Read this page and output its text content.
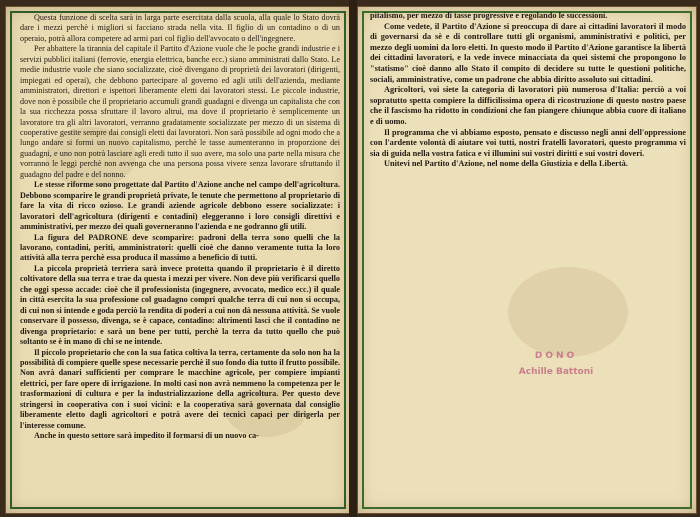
Questa funzione di scelta sarà in larga parte esercitata dalla scuola, alla quale lo Stato dovrà dare i mezzi perchè i migliori si facciano strada nella vita. Il figlio di un contadino o di un operaio, potrà allora competere ad armi pari col figlio dell'avvocato o dell'ingegnere.

Per abbattere la tirannia del capitale il Partito d'Azione vuole che le poche grandi industrie e i servizi pubblici italiani (ferrovie, energia elettrica, banche ecc.) siano amministrati dallo Stato. Le medie industrie vuole che siano socializzate, cioè divengano di proprietà dei lavoratori (dirigenti, impiegati ed operai), che debbono partecipare al governo ed agli utili dell'azienda, mediante amministratori, direttori e ispettori liberamente eletti dai lavoratori stessi. Le piccole industrie, dove non è possibile che il proprietario accumuli grandi guadagni e divenga un capitalista che con la sua ricchezza possa sfruttare il lavoro altrui, ma dove il proprietario è semplicemente un lavoratore tra gli altri lavoratori, verranno gradatamente socializzate per mezzo di un sistema di cooperative gestite sempre dai consigli eletti dai lavoratori. Non sarà possibile ad ogni modo che a lungo andare si formi un nuovo capitalismo, perchè le tasse aumenteranno in proporzione dei guadagni, e uno non potrà lasciare agli eredi tutto il suo avere, ma solo una parte nella misura che vorranno le leggi perchè non avvenga che una persona possa vivere senza lavorare sfruttando il guadagno del padre e del nonno.

Le stesse riforme sono progettate dal Partito d'Azione anche nel campo dell'agricoltura. Debbono scomparire le grandi proprietà private, le tenute che permettono al proprietario di fare la vita di ricco ozioso. Le grandi aziende agricole debbono essere socializzate: i lavoratori dell'agricoltura (dirigenti e contadini) eleggeranno i loro consigli direttivi e amministrativi, per mezzo dei quali governeranno l'azienda e ne godranno gli utili.

La figura del PADRONE deve scomparire: padroni della terra sono quelli che la lavorano, contadini, periti, amministratori: quelli cioè che danno veramente tutta la loro attività alla terra perchè essa produca il massimo a beneficio di tutti.

La piccola proprietà terriera sarà invece protetta quando il proprietario è il diretto coltivatore della sua terra e trae da questa i mezzi per vivere. Non deve più verificarsi quello che oggi spesso accade: cioè che il professionista (ingegnere, avvocato, medico ecc.) il quale in città esercita la sua professione col guadagno compri qualche terra di cui non si occupa, di cui non si intende e goda perciò la rendita di poderi a cui non dà nessuna attività. Se vuole conservare il possesso, divenga, se è capace, contadino: altrimenti lasci che il contadino ne divenga proprietario: e sarà un bene per tutti, perchè la terra da tutto quello che può soltanto se è in mano di chi se ne intende.

Il piccolo proprietario che con la sua fatica coltiva la terra, certamente da solo non ha la possibilità di compiere quelle spese necessarie perchè il suo fondo dia tutto il frutto possibile. Non avrà danari sufficienti per comprare le macchine agricole, per compiere impianti elettrici, per fare opere di irrigazione. In molti casi non avrà nemmeno la competenza per le trasformazioni di cultura e per la industrializzazione della agricoltura. Per questo deve stringersi in cooperativa con i suoi vicini: e la cooperativa sarà governata dal consiglio liberamente eletto dagli agricoltori e potrà avere dei tecnici capaci per dirigerla per l'interesse comune.

Anche in questo settore sarà impedito il formarsi di un nuovo ca-

pitalismo, per mezzo di tasse progressive e regolando le successioni.

Come vedete, il Partito d'Azione si preoccupa di dare ai cittadini lavoratori il modo di governarsi da sè e di controllare tutti gli organismi, amministrativi e politici, per mezzo degli uomini da loro eletti. In questo modo il Partito d'Azione garantisce la libertà dei cittadini lavoratori, e la vede invece minacciata da quei sistemi che propongono lo "statismo" cioè danno allo Stato il compito di decidere su tutte le questioni politiche, sociali, amministrative, come un padrone che abbia diritto assoluto sui cittadini.

Agricoltori, voi siete la categoria di lavoratori più numerosa d'Italia: perciò a voi sopratutto spetta compiere la difficilissima opera di ricostruzione di questo nostro paese che il fascismo ha ridotto in condizioni che fan piangere chiunque abbia cuore di italiano e di uomo.

Il programma che vi abbiamo esposto, pensato e discusso negli anni dell'oppressione con l'ardente volontà di aiutare voi tutti, nostri fratelli lavoratori, questo programma vi sia di guida nella vostra fatica e vi illumini sui vostri diritti e sui vostri doveri.

Unitevi nel Partito d'Azione, nel nome della Giustizia e della Libertà.

DONO
Achille Battoni
